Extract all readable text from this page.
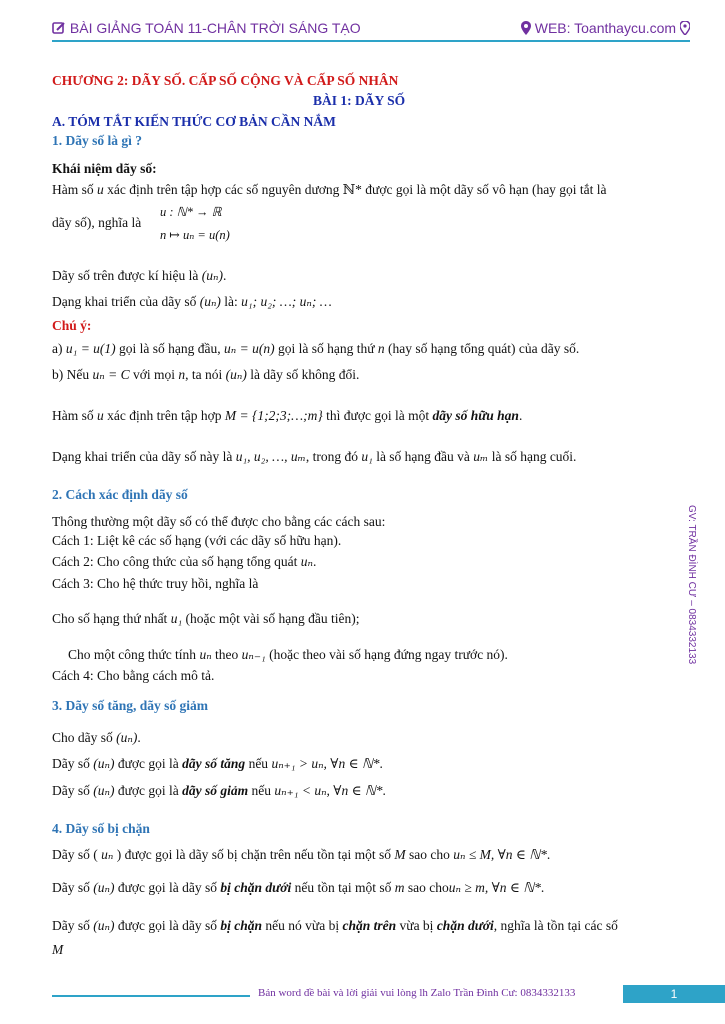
BÀI GIẢNG TOÁN 11-CHÂN TRỜI SÁNG TẠO	WEB: Toanthaycu.com
CHƯƠNG 2: DÃY SỐ. CẤP SỐ CỘNG VÀ CẤP SỐ NHÂN
BÀI 1: DÃY SỐ
A. TÓM TẮT KIẾN THỨC CƠ BẢN CẦN NẮM
1. Dãy số là gì ?
Khái niệm dãy số:
Hàm số u xác định trên tập hợp các số nguyên dương ℕ* được gọi là một dãy số vô hạn (hay gọi tắt là
dãy số), nghĩa là
u : ℕ* → ℝ
n ↦ uₙ = u(n)
Dãy số trên được kí hiệu là (uₙ).
Dạng khai triển của dãy số (uₙ) là: u₁; u₂; …; uₙ; …
Chú ý:
a) u₁ = u(1) gọi là số hạng đầu, uₙ = u(n) gọi là số hạng thứ n (hay số hạng tổng quát) của dãy số.
b) Nếu uₙ = C với mọi n, ta nói (uₙ) là dãy số không đổi.
Hàm số u xác định trên tập hợp M = {1;2;3;…;m} thì được gọi là một dãy số hữu hạn.
Dạng khai triển của dãy số này là u₁, u₂, …, uₘ, trong đó u₁ là số hạng đầu và uₘ là số hạng cuối.
2. Cách xác định dãy số
Thông thường một dãy số có thể được cho bằng các cách sau:
Cách 1: Liệt kê các số hạng (với các dãy số hữu hạn).
Cách 2: Cho công thức của số hạng tổng quát uₙ.
Cách 3: Cho hệ thức truy hồi, nghĩa là
Cho số hạng thứ nhất u₁ (hoặc một vài số hạng đầu tiên);
Cho một công thức tính uₙ theo uₙ₋₁ (hoặc theo vài số hạng đứng ngay trước nó).
Cách 4: Cho bằng cách mô tả.
3. Dãy số tăng, dãy số giảm
Cho dãy số (uₙ).
Dãy số (uₙ) được gọi là dãy số tăng nếu uₙ₊₁ > uₙ, ∀n ∈ ℕ*.
Dãy số (uₙ) được gọi là dãy số giảm nếu uₙ₊₁ < uₙ, ∀n ∈ ℕ*.
4. Dãy số bị chặn
Dãy số ( uₙ ) được gọi là dãy số bị chặn trên nếu tồn tại một số M sao cho uₙ ≤ M, ∀n ∈ ℕ*.
Dãy số (uₙ) được gọi là dãy số bị chặn dưới nếu tồn tại một số m sao chouₙ ≥ m, ∀n ∈ ℕ*.
Dãy số (uₙ) được gọi là dãy số bị chặn nếu nó vừa bị chặn trên vừa bị chặn dưới, nghĩa là tồn tại các số
M
GV: TRẦN ĐÌNH CƯ – 0834332133
Bản word đề bài và lời giải vui lòng lh Zalo Trần Đình Cư: 0834332133	1
